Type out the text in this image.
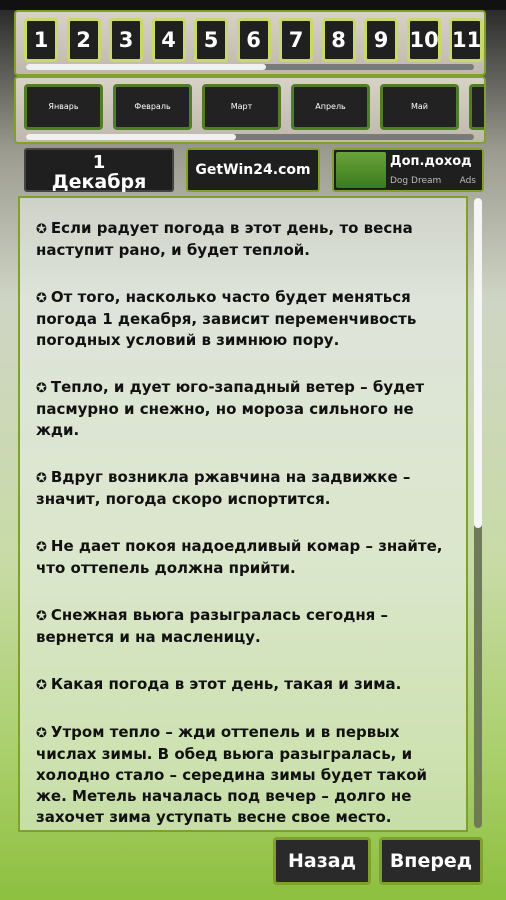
1 2 3 4 5 6 7 8 9 10 11
Январь	Февраль	Март	Апрель	Май
1
Декабря
GetWin24.com
Доп.доход
Dog Dream Ads
✪ Если радует погода в этот день, то весна наступит рано, и будет теплой.
✪ От того, насколько часто будет меняться погода 1 декабря, зависит переменчивость погодных условий в зимнюю пору.
✪ Тепло, и дует юго-западный ветер – будет пасмурно и снежно, но мороза сильного не жди.
✪ Вдруг возникла ржавчина на задвижке – значит, погода скоро испортится.
✪ Не дает покоя надоедливый комар – знайте, что оттепель должна прийти.
✪ Снежная вьюга разыгралась сегодня – вернется и на масленицу.
✪ Какая погода в этот день, такая и зима.
✪ Утром тепло – жди оттепель и в первых числах зимы. В обед вьюга разыгралась, и холодно стало – середина зимы будет такой же. Метель началась под вечер – долго не захочет зима уступать весне свое место.
Назад	Вперед
